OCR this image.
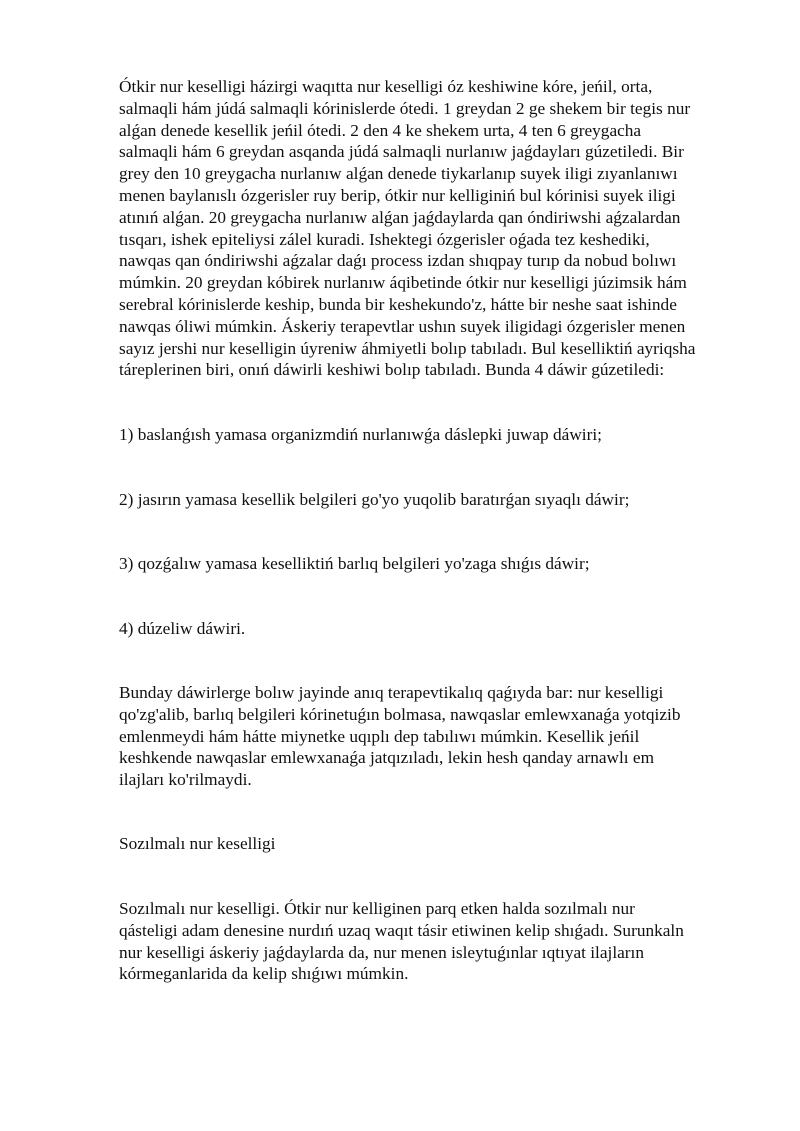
Ótkir nur keselligi házirgi waqıtta nur keselligi óz keshiwine kóre, jeńil, orta,
salmaqli hám júdá salmaqli kórinislerde ótedi. 1 greydan 2 ge shekem bir tegis nur
alǵan denede kesellik jeńil ótedi. 2 den 4 ke shekem urta, 4 ten 6 greygacha
salmaqli hám 6 greydan asqanda júdá salmaqli nurlanıw jaǵdayları gúzetiledi. Bir
grey den 10 greygacha nurlanıw alǵan denede tiykarlanıp suyek iligi zıyanlanıwı
menen baylanıslı ózgerisler ruy berip, ótkir nur kelliginiń bul kórinisi suyek iligi
atınıń alǵan. 20 greygacha nurlanıw alǵan jaǵdaylarda qan óndiriwshi aǵzalardan
tısqarı, ishek epiteliysi zálel kuradi. Ishektegi ózgerisler oǵada tez keshediki,
nawqas qan óndiriwshi aǵzalar daǵı process izdan shıqpay turıp da nobud bolıwı
múmkin. 20 greydan kóbirek nurlanıw áqibetinde ótkir nur keselligi júzimsik hám
serebral kórinislerde keship, bunda bir keshekundo'z, hátte bir neshe saat ishinde
nawqas óliwi múmkin. Áskeriy terapevtlar ushın suyek iligidagi ózgerisler menen
sayız jershi nur keselligin úyreniw áhmiyetli bolıp tabıladı. Bul keselliktiń ayriqsha
táreplerinen biri, onıń dáwirli keshiwi bolıp tabıladı. Bunda 4 dáwir gúzetiledi:

1) baslanǵısh yamasa organizmdiń nurlanıwǵa dáslepki juwap dáwiri;

2) jasırın yamasa kesellik belgileri go'yo yuqolib baratırǵan sıyaqlı dáwir;

3) qozǵalıw yamasa keselliktiń barlıq belgileri yo'zaga shıǵıs dáwir;

4) dúzeliw dáwiri.

Bunday dáwirlerge bolıw jayinde anıq terapevtikalıq qaǵıyda bar: nur keselligi
qo'zg'alib, barlıq belgileri kórinetuǵın bolmasa, nawqaslar emlewxanaǵa yotqizib
emlenmeydi hám hátte miynetke uqıplı dep tabılıwı múmkin. Kesellik jeńil
keshkende nawqaslar emlewxanaǵa jatqızıladı, lekin hesh qanday arnawlı em
ilajları ko'rilmaydi.

Sozılmalı nur keselligi

Sozılmalı nur keselligi. Ótkir nur kelliginen parq etken halda sozılmalı nur
qásteligi adam denesine nurdıń uzaq waqıt tásir etiwinen kelip shıǵadı. Surunkaln
nur keselligi áskeriy jaǵdaylarda da, nur menen isleytuǵınlar ıqtıyat ilajların
kórmeganlarida da kelip shıǵıwı múmkin.
